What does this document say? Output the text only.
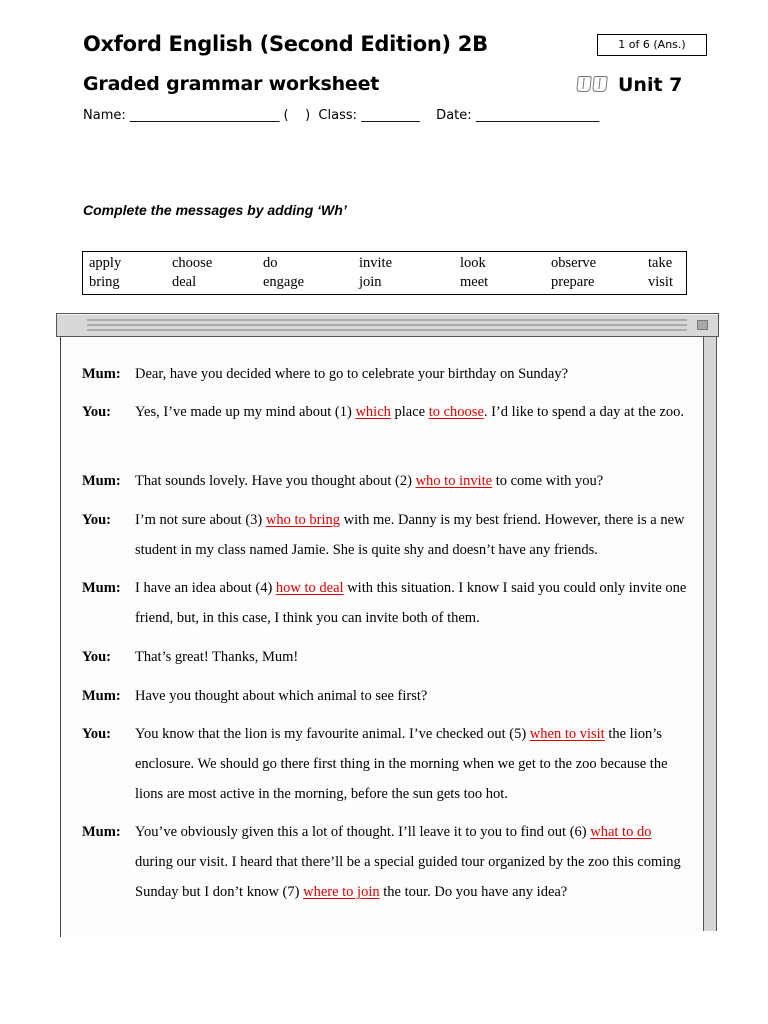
Oxford English (Second Edition) 2B	1 of 6 (Ans.)
Graded grammar worksheet	Unit 7
Name: _______________________ (    )  Class: _________    Date: ___________________
Complete the messages by adding ‘Wh’
apply	choose	do	invite	look	observe	take
bring	deal	engage	join	meet	prepare	visit
Mum: Dear, have you decided where to go to celebrate your birthday on Sunday?
You: Yes, I’ve made up my mind about (1) which place to choose. I’d like to spend a day at the zoo.
Mum: That sounds lovely. Have you thought about (2) who to invite to come with you?
You: I’m not sure about (3) who to bring with me. Danny is my best friend. However, there is a new student in my class named Jamie. She is quite shy and doesn’t have any friends.
Mum: I have an idea about (4) how to deal with this situation. I know I said you could only invite one friend, but, in this case, I think you can invite both of them.
You: That’s great! Thanks, Mum!
Mum: Have you thought about which animal to see first?
You: You know that the lion is my favourite animal. I’ve checked out (5) when to visit the lion’s enclosure. We should go there first thing in the morning when we get to the zoo because the lions are most active in the morning, before the sun gets too hot.
Mum: You’ve obviously given this a lot of thought. I’ll leave it to you to find out (6) what to do during our visit. I heard that there’ll be a special guided tour organized by the zoo this coming Sunday but I don’t know (7) where to join the tour. Do you have any idea?
